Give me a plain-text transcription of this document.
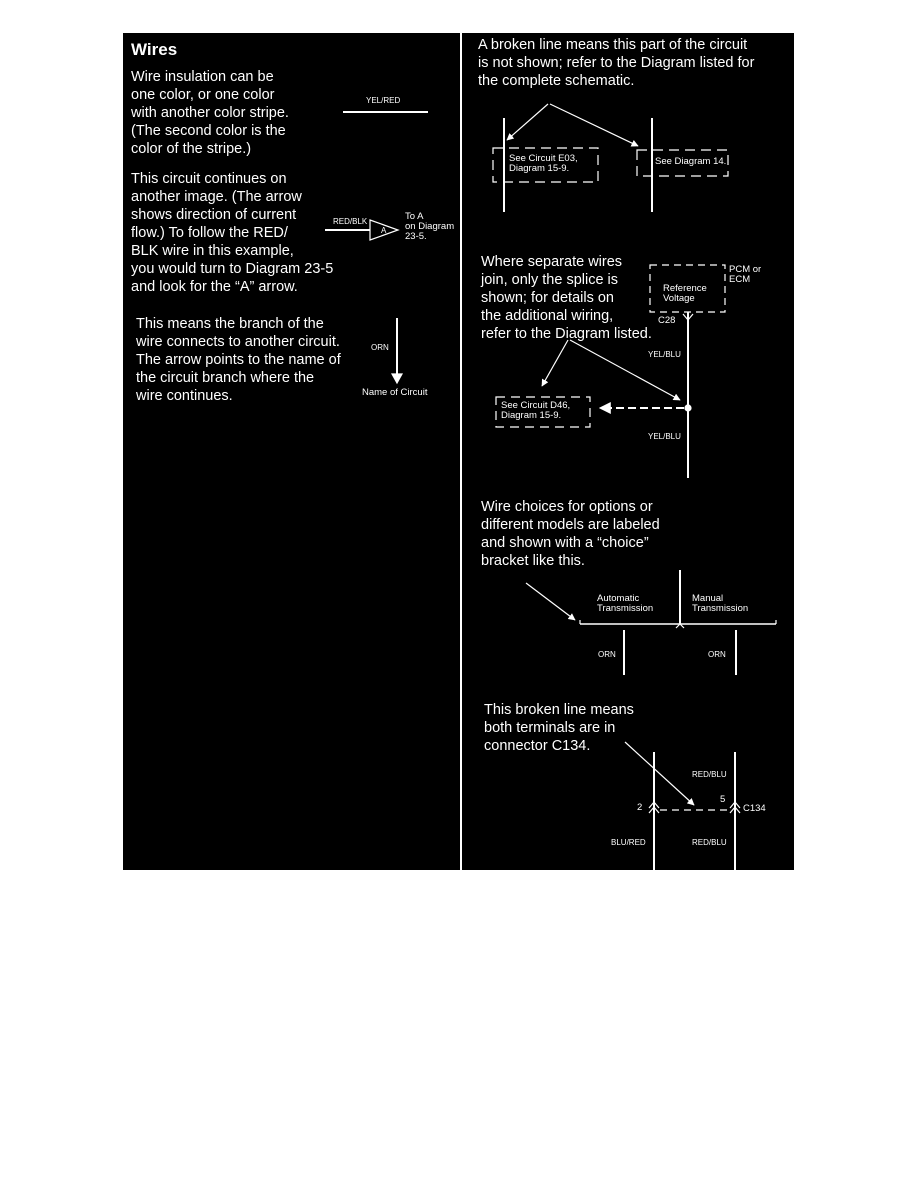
Wires
Wire insulation can be
one color, or one color
with another color stripe.
(The second color is the
color of the stripe.)
YEL/RED
This circuit continues on
another image. (The arrow
shows direction of current
flow.) To follow the RED/
BLK wire in this example,
you would turn to Diagram 23-5
and look for the “A” arrow.
RED/BLK
A
To A
on Diagram
23-5.
This means the branch of the
wire connects to another circuit.
The arrow points to the name of
the circuit branch where the
wire continues.
ORN
Name of Circuit
A broken line means this part of the circuit
is not shown; refer to the Diagram listed for
the complete schematic.
See Circuit E03,
Diagram 15-9.
See Diagram 14.
Where separate wires
join, only the splice is
shown; for details on
the additional wiring,
refer to the Diagram listed.
PCM or
ECM
Reference
Voltage
C28
YEL/BLU
See Circuit D46,
Diagram 15-9.
YEL/BLU
Wire choices for options or
different models are labeled
and shown with a “choice”
bracket like this.
Automatic
Transmission
Manual
Transmission
ORN	ORN
This broken line means
both terminals are in
connector C134.
RED/BLU
2
5
C134
BLU/RED	RED/BLU
